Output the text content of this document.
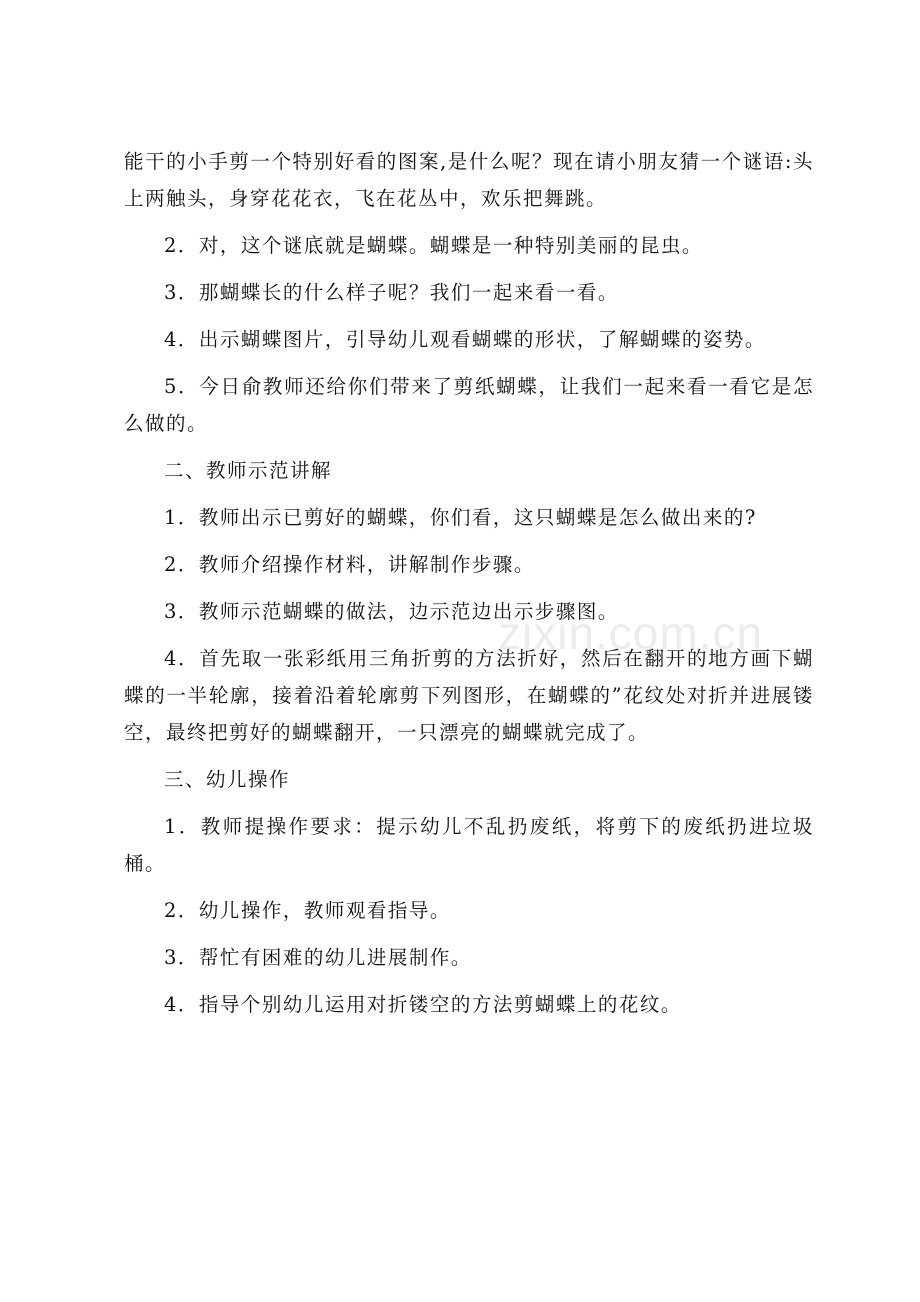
能干的小手剪一个特别好看的图案,是什么呢？现在请小朋友猜一个谜语:头上两触头，身穿花花衣，飞在花丛中，欢乐把舞跳。

2．对，这个谜底就是蝴蝶。蝴蝶是一种特别美丽的昆虫。

3．那蝴蝶长的什么样子呢？我们一起来看一看。

4．出示蝴蝶图片，引导幼儿观看蝴蝶的形状，了解蝴蝶的姿势。

5．今日俞教师还给你们带来了剪纸蝴蝶，让我们一起来看一看它是怎么做的。

二、教师示范讲解

1．教师出示已剪好的蝴蝶，你们看，这只蝴蝶是怎么做出来的?

2．教师介绍操作材料，讲解制作步骤。

3．教师示范蝴蝶的做法，边示范边出示步骤图。

4．首先取一张彩纸用三角折剪的方法折好，然后在翻开的地方画下蝴蝶的一半轮廓，接着沿着轮廓剪下列图形，在蝴蝶的”花纹处对折并进展镂空，最终把剪好的蝴蝶翻开，一只漂亮的蝴蝶就完成了。

三、幼儿操作

1．教师提操作要求：提示幼儿不乱扔废纸，将剪下的废纸扔进垃圾桶。

2．幼儿操作，教师观看指导。

3．帮忙有困难的幼儿进展制作。

4．指导个别幼儿运用对折镂空的方法剪蝴蝶上的花纹。

zixin.com.cn
